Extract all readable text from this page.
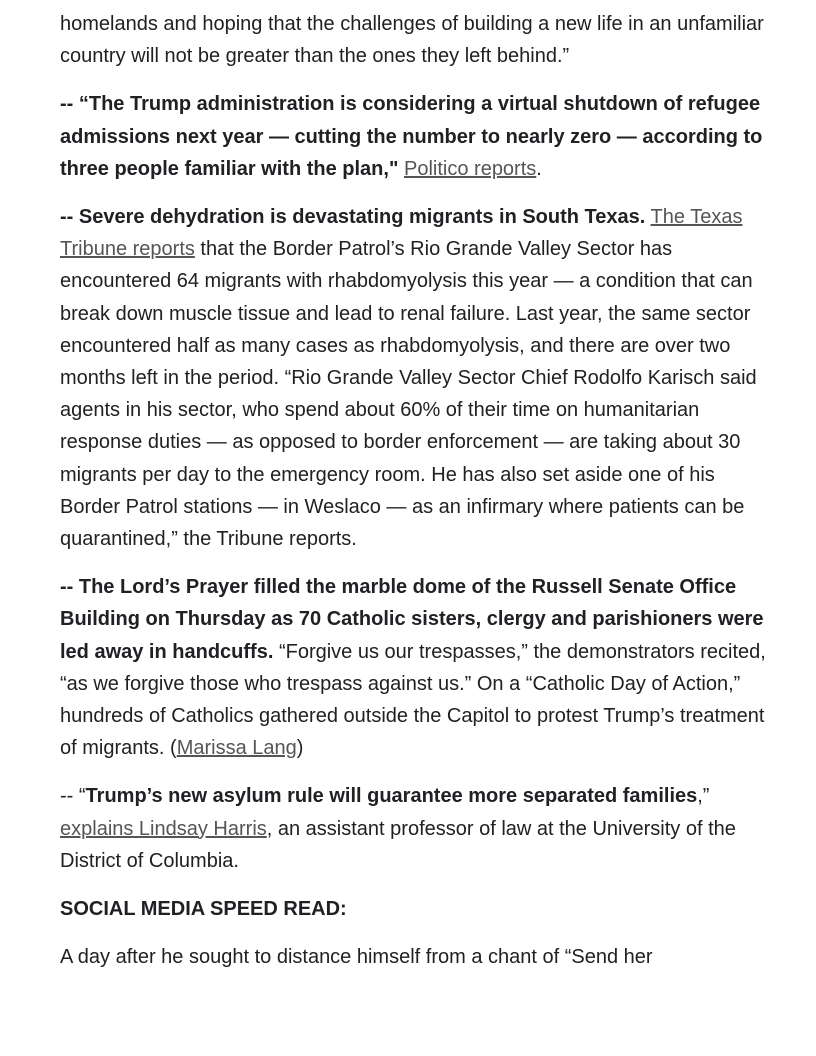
homelands and hoping that the challenges of building a new life in an unfamiliar country will not be greater than the ones they left behind.”

-- “The Trump administration is considering a virtual shutdown of refugee admissions next year — cutting the number to nearly zero — according to three people familiar with the plan," Politico reports.

-- Severe dehydration is devastating migrants in South Texas. The Texas Tribune reports that the Border Patrol’s Rio Grande Valley Sector has encountered 64 migrants with rhabdomyolysis this year — a condition that can break down muscle tissue and lead to renal failure. Last year, the same sector encountered half as many cases as rhabdomyolysis, and there are over two months left in the period. “Rio Grande Valley Sector Chief Rodolfo Karisch said agents in his sector, who spend about 60% of their time on humanitarian response duties — as opposed to border enforcement — are taking about 30 migrants per day to the emergency room. He has also set aside one of his Border Patrol stations — in Weslaco — as an infirmary where patients can be quarantined,” the Tribune reports.

-- The Lord’s Prayer filled the marble dome of the Russell Senate Office Building on Thursday as 70 Catholic sisters, clergy and parishioners were led away in handcuffs. “Forgive us our trespasses,” the demonstrators recited, “as we forgive those who trespass against us.” On a “Catholic Day of Action,” hundreds of Catholics gathered outside the Capitol to protest Trump’s treatment of migrants. (Marissa Lang)

-- “Trump’s new asylum rule will guarantee more separated families,” explains Lindsay Harris, an assistant professor of law at the University of the District of Columbia.

SOCIAL MEDIA SPEED READ:

A day after he sought to distance himself from a chant of “Send her
